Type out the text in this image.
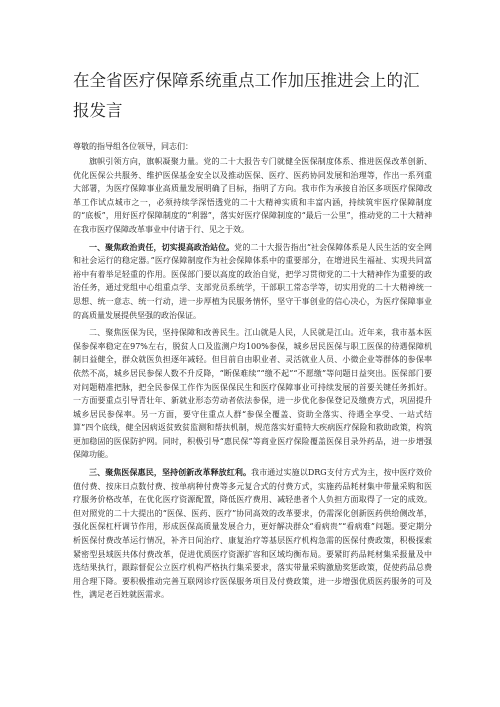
在全省医疗保障系统重点工作加压推进会上的汇报发言

尊敬的指导组各位领导，同志们：

旗帜引领方向，旗帜凝聚力量。党的二十大报告专门就健全医保制度体系、推进医保改革创新、优化医保公共服务、维护医保基金安全以及推动医保、医疗、医药协同发展和治理等，作出一系列重大部署，为医疗保障事业高质量发展明确了目标，指明了方向。我市作为承接自治区多项医疗保障改革工作试点城市之一，必须持续学深悟透党的二十大精神实质和丰富内涵，持续筑牢医疗保障制度的“底板”，用好医疗保障制度的“利器”，落实好医疗保障制度的“最后一公里”，推动党的二十大精神在我市医疗保障改革事业中付诸于行、见之于效。

一、聚焦政治责任，切实提高政治站位。党的二十大报告指出“社会保障体系是人民生活的安全网和社会运行的稳定器。”医疗保障制度作为社会保障体系中的重要部分，在增进民生福祉、实现共同富裕中有着举足轻重的作用。医保部门要以高度的政治自觉，把学习贯彻党的二十大精神作为重要的政治任务，通过党组中心组重点学、支部党员系统学，干部职工常态学等，切实用党的二十大精神统一思想、统一意志、统一行动，进一步厚植为民服务情怀，坚守干事创业的信心决心，为医疗保障事业的高质量发展提供坚强的政治保证。

二、聚焦医保为民，坚持保障和改善民生。江山就是人民，人民就是江山。近年来，我市基本医保参保率稳定在97%左右，脱贫人口及监测户均100%参保，城乡居民医保与职工医保的待遇保障机制日益健全，群众就医负担逐年减轻。但目前自由职业者、灵活就业人员、小微企业等群体的参保率依然不高，城乡居民参保人数不升反降，“断保难续”“缴不起”“不愿缴”等问题日益突出。医保部门要对问题精准把脉，把全民参保工作作为医保保民生和医疗保障事业可持续发展的首要关键任务抓好。一方面要重点引导青壮年、新就业形态劳动者依法参保，进一步优化参保登记及缴费方式，巩固提升城乡居民参保率。另一方面，要守住重点人群“参保全覆盖、资助全落实、待遇全享受、一站式结算”四个底线，健全因病返贫致贫监测和帮扶机制，规范落实好重特大疾病医疗保险和救助政策，构筑更加稳固的医保防护网。同时，积极引导“惠民保”等商业医疗保险覆盖医保目录外药品，进一步增强保障功能。

三、聚焦医保惠民，坚持创新改革释放红利。我市通过实施以DRG支付方式为主，按中医疗效价值付费、按床日点数付费、按单病种付费等多元复合式的付费方式，实施药品耗材集中带量采购和医疗服务价格改革，在优化医疗资源配置，降低医疗费用、减轻患者个人负担方面取得了一定的成效。但对照党的二十大提出的“医保、医药、医疗”协同高效的改革要求，仍需深化创新医药供给侧改革，强化医保杠杆调节作用，形成医保高质量发展合力，更好解决群众“看病贵”“看病难”问题。要定期分析医保付费改革运行情况，补齐日间治疗、康复治疗等基层医疗机构急需的医保付费政策，积极探索紧密型县域医共体付费改革，促进优质医疗资源扩容和区域均衡布局。要紧盯药品耗材集采报量及中选结果执行，跟踪督促公立医疗机构严格执行集采要求，落实带量采购激励奖惩政策，促使药品总费用合理下降。要积极推动完善互联网诊疗医保服务项目及付费政策，进一步增强优质医药服务的可及性，满足老百姓就医需求。
